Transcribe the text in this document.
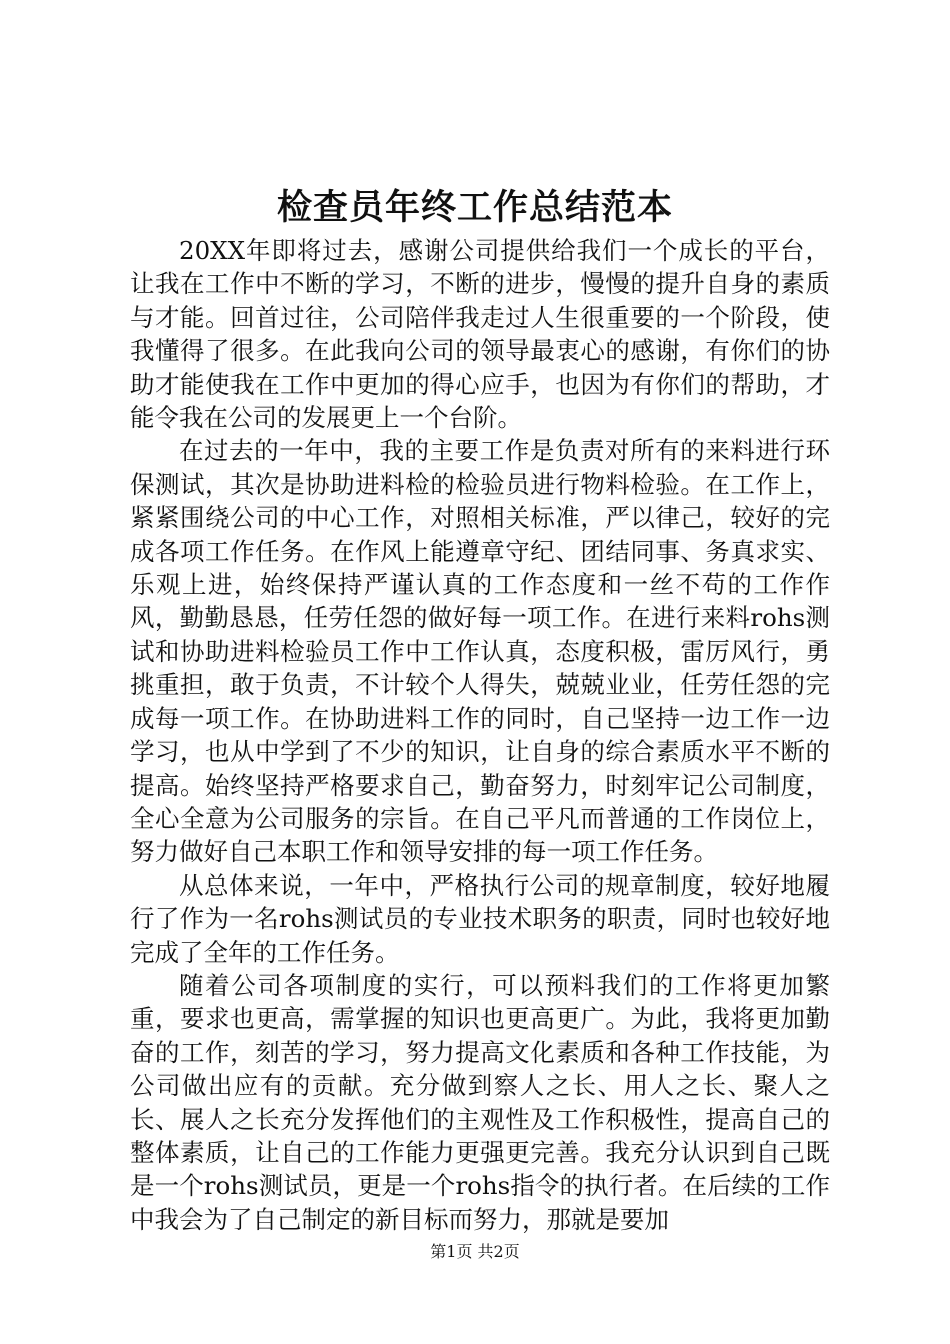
检查员年终工作总结范本

20XX年即将过去，感谢公司提供给我们一个成长的平台，让我在工作中不断的学习，不断的进步，慢慢的提升自身的素质与才能。回首过往，公司陪伴我走过人生很重要的一个阶段，使我懂得了很多。在此我向公司的领导最衷心的感谢，有你们的协助才能使我在工作中更加的得心应手，也因为有你们的帮助，才能令我在公司的发展更上一个台阶。

在过去的一年中，我的主要工作是负责对所有的来料进行环保测试，其次是协助进料检的检验员进行物料检验。在工作上，紧紧围绕公司的中心工作，对照相关标准，严以律己，较好的完成各项工作任务。在作风上能遵章守纪、团结同事、务真求实、乐观上进，始终保持严谨认真的工作态度和一丝不苟的工作作风，勤勤恳恳，任劳任怨的做好每一项工作。在进行来料rohs测试和协助进料检验员工作中工作认真，态度积极，雷厉风行，勇挑重担，敢于负责，不计较个人得失，兢兢业业，任劳任怨的完成每一项工作。在协助进料工作的同时，自己坚持一边工作一边学习，也从中学到了不少的知识，让自身的综合素质水平不断的提高。始终坚持严格要求自己，勤奋努力，时刻牢记公司制度，全心全意为公司服务的宗旨。在自己平凡而普通的工作岗位上，努力做好自己本职工作和领导安排的每一项工作任务。

从总体来说，一年中，严格执行公司的规章制度，较好地履行了作为一名rohs测试员的专业技术职务的职责，同时也较好地完成了全年的工作任务。

随着公司各项制度的实行，可以预料我们的工作将更加繁重，要求也更高，需掌握的知识也更高更广。为此，我将更加勤奋的工作，刻苦的学习，努力提高文化素质和各种工作技能，为公司做出应有的贡献。充分做到察人之长、用人之长、聚人之长、展人之长充分发挥他们的主观性及工作积极性，提高自己的整体素质，让自己的工作能力更强更完善。我充分认识到自己既是一个rohs测试员，更是一个rohs指令的执行者。在后续的工作中我会为了自己制定的新目标而努力，那就是要加

第1页 共2页
